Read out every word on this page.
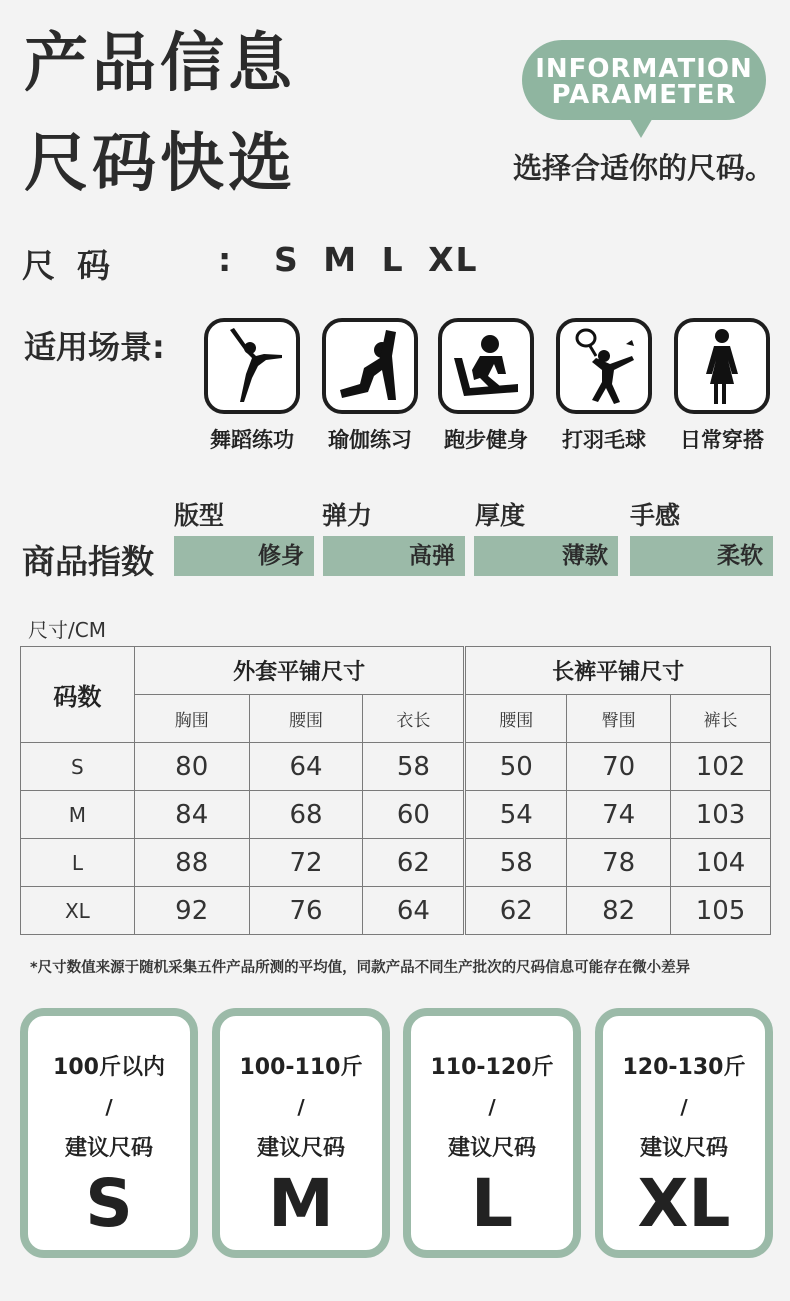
产品信息
尺码快选
INFORMATION
PARAMETER
选择合适你的尺码。
尺码	:	S M L XL
适用场景:
舞蹈练功	瑜伽练习	跑步健身	打羽毛球	日常穿搭
版型	弹力	厚度	手感
商品指数	修身	高弹	薄款	柔软
尺寸/CM
码数	外套平铺尺寸			长裤平铺尺寸		
	胸围	腰围	衣长	腰围	臀围	裤长
S	80	64	58	50	70	102
M	84	68	60	54	74	103
L	88	72	62	58	78	104
XL	92	76	64	62	82	105
*尺寸数值来源于随机采集五件产品所测的平均值，同款产品不同生产批次的尺码信息可能存在微小差异
100斤以内
/
建议尺码
S
100-110斤
/
建议尺码
M
110-120斤
/
建议尺码
L
120-130斤
/
建议尺码
XL
